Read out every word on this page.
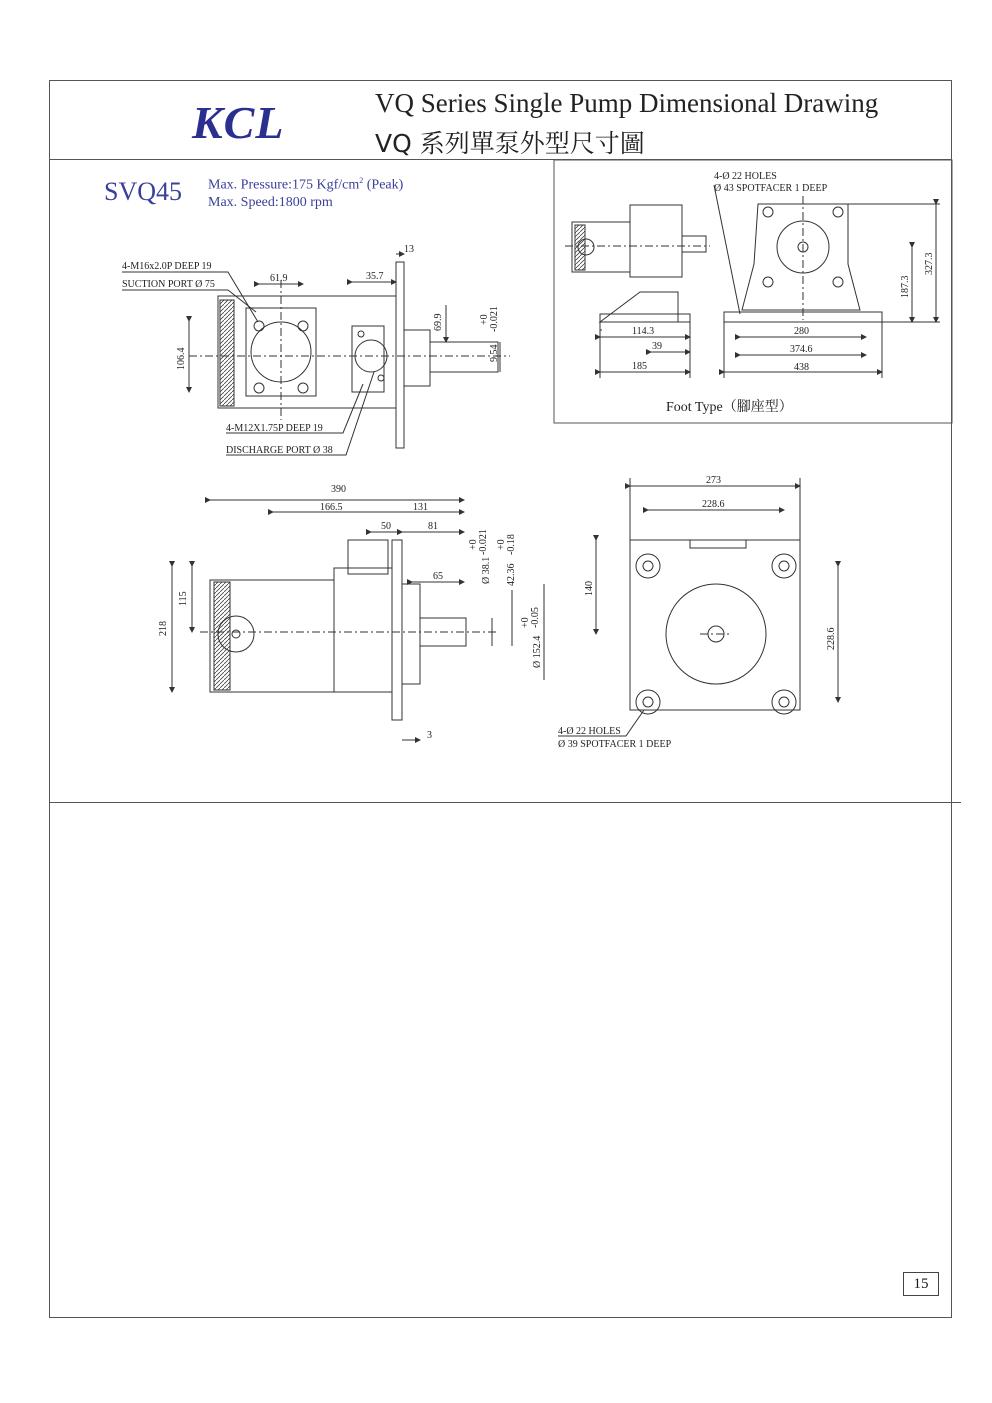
KCL	VQ Series Single Pump Dimensional Drawing
VQ 系列單泵外型尺寸圖
SVQ45 Max. Pressure:175 Kgf/$cm^2$ (Peak)
Max. Speed:1800 rpm
13
61.9	35.7
69.9
9.54
+0 -0.021
106.4
4-M16x2.0P DEEP 19
SUCTION PORT Ø 75
4-M12X1.75P DEEP 19
DISCHARGE PORT Ø 38
4-Ø 22 HOLES
Ø 43 SPOTFACER 1 DEEP
114.3
39
185
280
374.6
438
187.3
327.3
Foot Type（腳座型）
390
166.5	131
50	81
65
218
115
3
Ø 38.1
+0 -0.021
42.36
+0 -0.18
Ø 152.4
+0 -0.05
273
228.6
140
228.6
4-Ø 22 HOLES
Ø 39 SPOTFACER 1 DEEP
15
